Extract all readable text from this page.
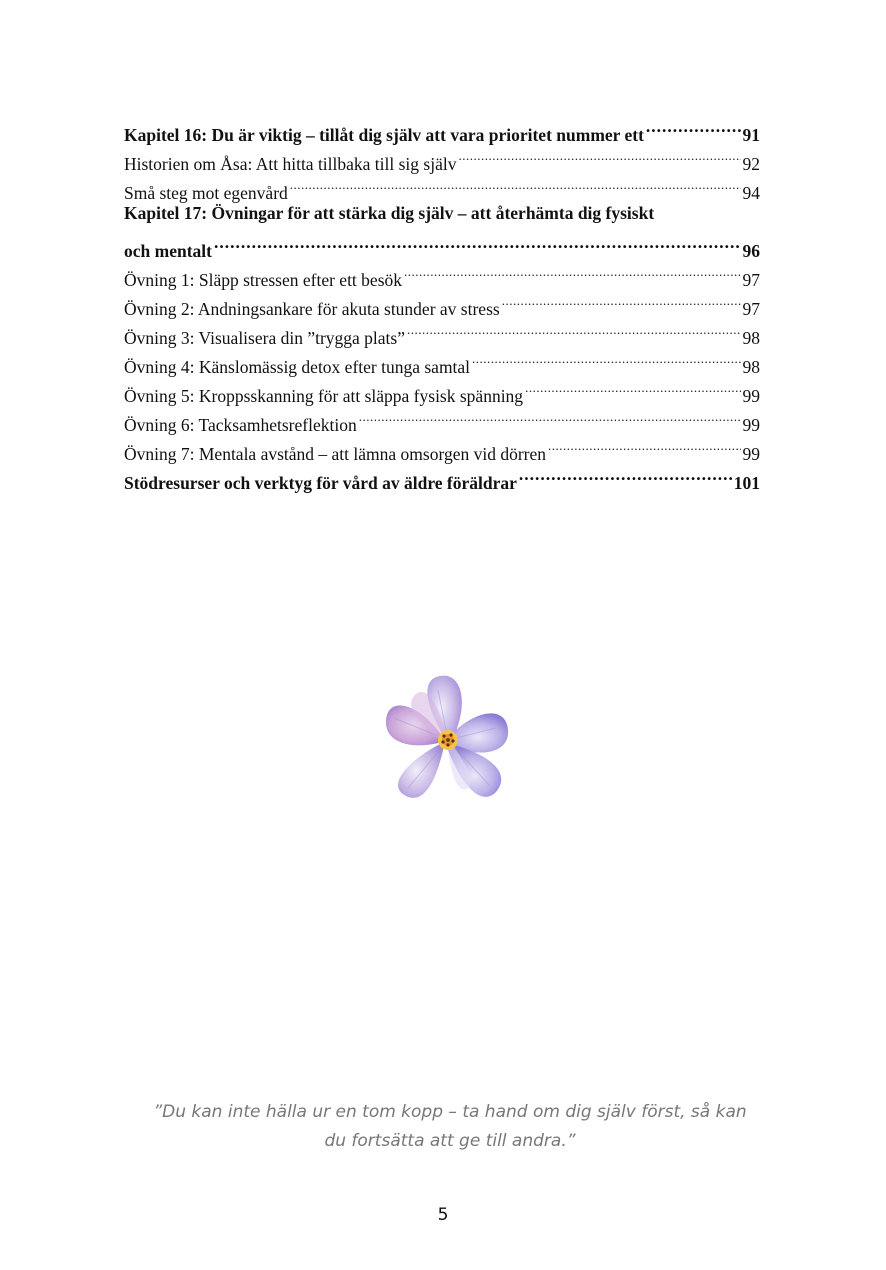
Kapitel 16: Du är viktig – tillåt dig själv att vara prioritet nummer ett .....	91
Historien om Åsa: Att hitta tillbaka till sig själv .....	92
Små steg mot egenvård .....	94
Kapitel 17: Övningar för att stärka dig själv – att återhämta dig fysiskt
och mentalt .....	96
Övning 1: Släpp stressen efter ett besök .....	97
Övning 2: Andningsankare för akuta stunder av stress .....	97
Övning 3: Visualisera din ”trygga plats” .....	98
Övning 4: Känslomässig detox efter tunga samtal .....	98
Övning 5: Kroppsskanning för att släppa fysisk spänning .....	99
Övning 6: Tacksamhetsreflektion .....	99
Övning 7: Mentala avstånd – att lämna omsorgen vid dörren .....	99
Stödresurser och verktyg för vård av äldre föräldrar .....	101
”Du kan inte hälla ur en tom kopp – ta hand om dig själv först, så kan
du fortsätta att ge till andra.”
5
